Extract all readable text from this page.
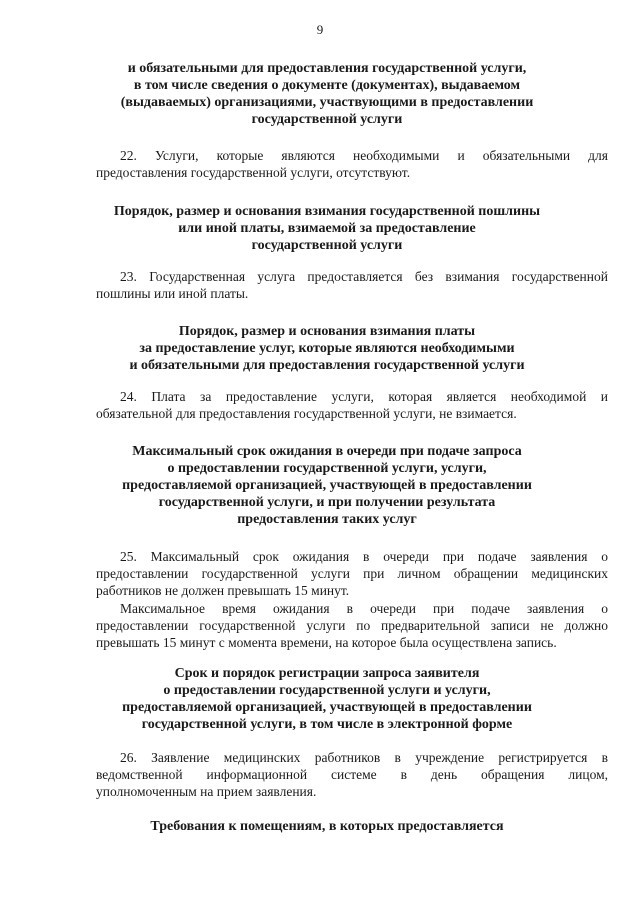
9
и обязательными для предоставления государственной услуги,
в том числе сведения о документе (документах), выдаваемом
(выдаваемых) организациями, участвующими в предоставлении
государственной услуги
22. Услуги, которые являются необходимыми и обязательными для
предоставления государственной услуги, отсутствуют.
Порядок, размер и основания взимания государственной пошлины
или иной платы, взимаемой за предоставление
государственной услуги
23. Государственная услуга предоставляется без взимания государственной
пошлины или иной платы.
Порядок, размер и основания взимания платы
за предоставление услуг, которые являются необходимыми
и обязательными для предоставления государственной услуги
24. Плата за предоставление услуги, которая является необходимой и
обязательной для предоставления государственной услуги, не взимается.
Максимальный срок ожидания в очереди при подаче запроса
о предоставлении государственной услуги, услуги,
предоставляемой организацией, участвующей в предоставлении
государственной услуги, и при получении результата
предоставления таких услуг
25. Максимальный срок ожидания в очереди при подаче заявления о
предоставлении государственной услуги при личном обращении медицинских
работников не должен превышать 15 минут.
Максимальное время ожидания в очереди при подаче заявления о
предоставлении государственной услуги по предварительной записи не должно
превышать 15 минут с момента времени, на которое была осуществлена запись.
Срок и порядок регистрации запроса заявителя
о предоставлении государственной услуги и услуги,
предоставляемой организацией, участвующей в предоставлении
государственной услуги, в том числе в электронной форме
26. Заявление медицинских работников в учреждение регистрируется в
ведомственной информационной системе в день обращения лицом,
уполномоченным на прием заявления.
Требования к помещениям, в которых предоставляется
